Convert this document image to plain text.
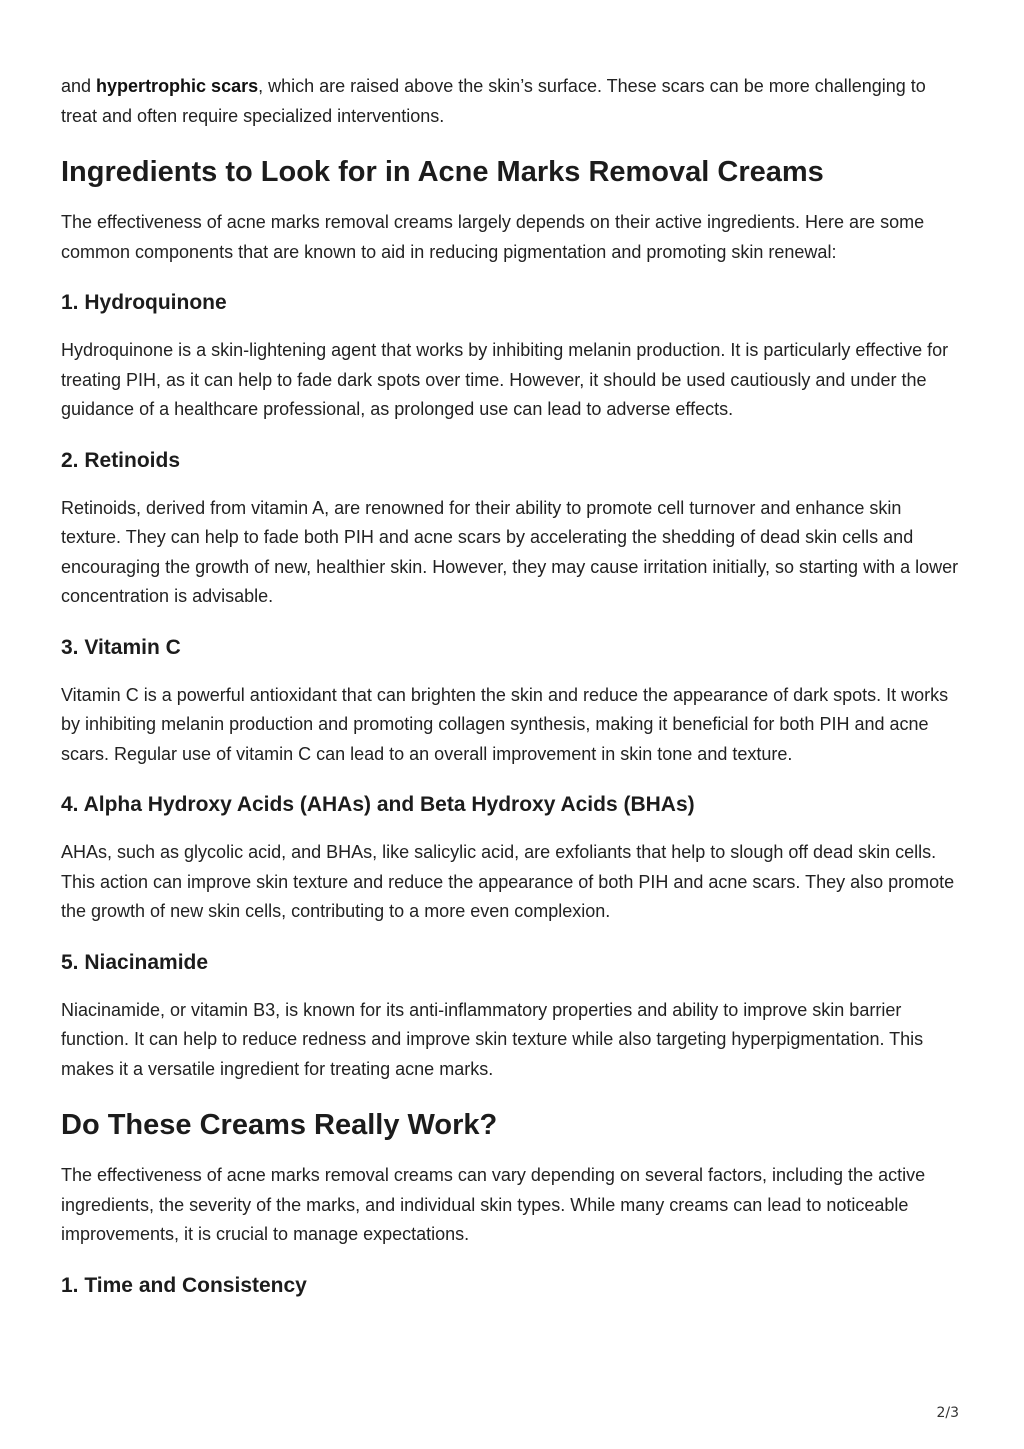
and hypertrophic scars, which are raised above the skin’s surface. These scars can be more challenging to treat and often require specialized interventions.

Ingredients to Look for in Acne Marks Removal Creams

The effectiveness of acne marks removal creams largely depends on their active ingredients. Here are some common components that are known to aid in reducing pigmentation and promoting skin renewal:

1. Hydroquinone

Hydroquinone is a skin-lightening agent that works by inhibiting melanin production. It is particularly effective for treating PIH, as it can help to fade dark spots over time. However, it should be used cautiously and under the guidance of a healthcare professional, as prolonged use can lead to adverse effects.

2. Retinoids

Retinoids, derived from vitamin A, are renowned for their ability to promote cell turnover and enhance skin texture. They can help to fade both PIH and acne scars by accelerating the shedding of dead skin cells and encouraging the growth of new, healthier skin. However, they may cause irritation initially, so starting with a lower concentration is advisable.

3. Vitamin C

Vitamin C is a powerful antioxidant that can brighten the skin and reduce the appearance of dark spots. It works by inhibiting melanin production and promoting collagen synthesis, making it beneficial for both PIH and acne scars. Regular use of vitamin C can lead to an overall improvement in skin tone and texture.

4. Alpha Hydroxy Acids (AHAs) and Beta Hydroxy Acids (BHAs)

AHAs, such as glycolic acid, and BHAs, like salicylic acid, are exfoliants that help to slough off dead skin cells. This action can improve skin texture and reduce the appearance of both PIH and acne scars. They also promote the growth of new skin cells, contributing to a more even complexion.

5. Niacinamide

Niacinamide, or vitamin B3, is known for its anti-inflammatory properties and ability to improve skin barrier function. It can help to reduce redness and improve skin texture while also targeting hyperpigmentation. This makes it a versatile ingredient for treating acne marks.

Do These Creams Really Work?

The effectiveness of acne marks removal creams can vary depending on several factors, including the active ingredients, the severity of the marks, and individual skin types. While many creams can lead to noticeable improvements, it is crucial to manage expectations.

1. Time and Consistency
2/3
